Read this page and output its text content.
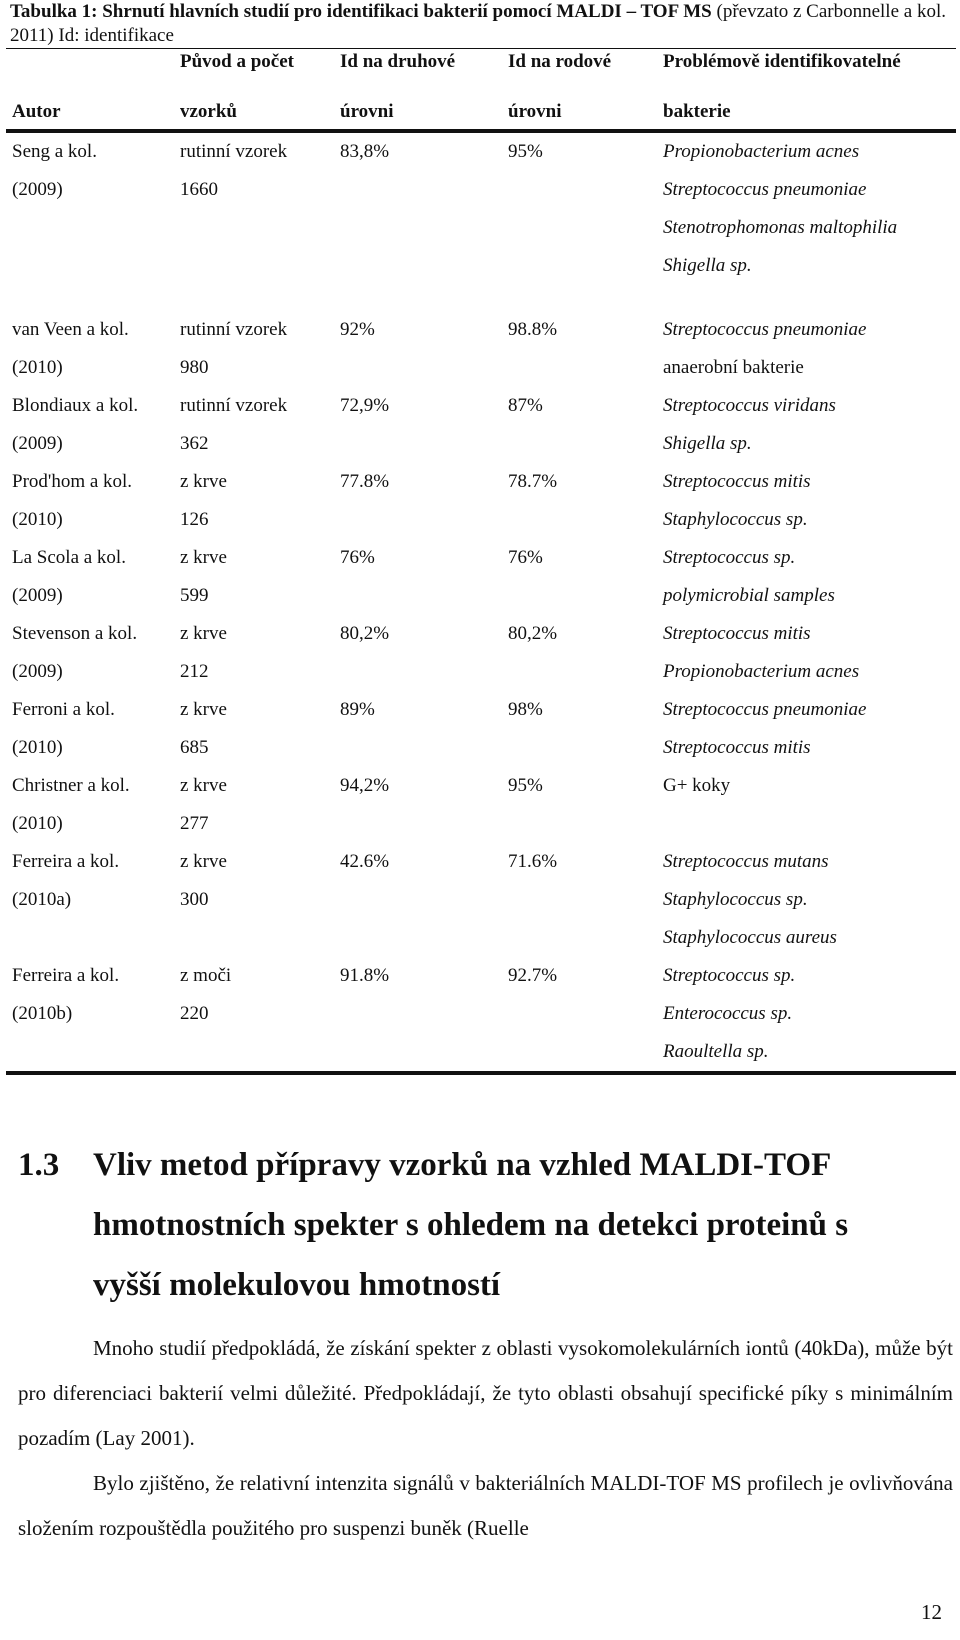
Tabulka 1: Shrnutí hlavních studií pro identifikaci bakterií pomocí MALDI – TOF MS (převzato z Carbonnelle a kol. 2011) Id: identifikace
	Původ a počet	Id na druhové	Id na rodové	Problémově identifikovatelné
Autor	vzorků	úrovni	úrovni	bakterie
Seng a kol.	rutinní vzorek	83,8%	95%	Propionobacterium acnes
(2009)	1660			Streptococcus pneumoniae
				Stenotrophomonas maltophilia
				Shigella sp.

van Veen a kol.	rutinní vzorek	92%	98.8%	Streptococcus pneumoniae
(2010)	980			anaerobní bakterie
Blondiaux a kol.	rutinní vzorek	72,9%	87%	Streptococcus viridans
(2009)	362			Shigella sp.
Prod'hom a kol.	z krve	77.8%	78.7%	Streptococcus mitis
(2010)	126			Staphylococcus sp.
La Scola a kol.	z krve	76%	76%	Streptococcus sp.
(2009)	599			polymicrobial samples
Stevenson a kol.	z krve	80,2%	80,2%	Streptococcus mitis
(2009)	212			Propionobacterium acnes
Ferroni a kol.	z krve	89%	98%	Streptococcus pneumoniae
(2010)	685			Streptococcus mitis
Christner a kol.	z krve	94,2%	95%	G+ koky
(2010)	277			
Ferreira a kol.	z krve	42.6%	71.6%	Streptococcus mutans
(2010a)	300			Staphylococcus sp.
				Staphylococcus aureus
Ferreira a kol.	z moči	91.8%	92.7%	Streptococcus sp.
(2010b)	220			Enterococcus sp.
				Raoultella sp.
1.3 Vliv metod přípravy vzorků na vzhled MALDI-TOF
hmotnostních spekter s ohledem na detekci proteinů s
vyšší molekulovou hmotností
Mnoho studií předpokládá, že získání spekter z oblasti vysokomolekulárních iontů (40kDa), může být pro diferenciaci bakterií velmi důležité. Předpokládají, že tyto oblasti obsahují specifické píky s minimálním pozadím (Lay 2001).
Bylo zjištěno, že relativní intenzita signálů v bakteriálních MALDI-TOF MS profilech je ovlivňována složením rozpouštědla použitého pro suspenzi buněk (Ruelle
12
